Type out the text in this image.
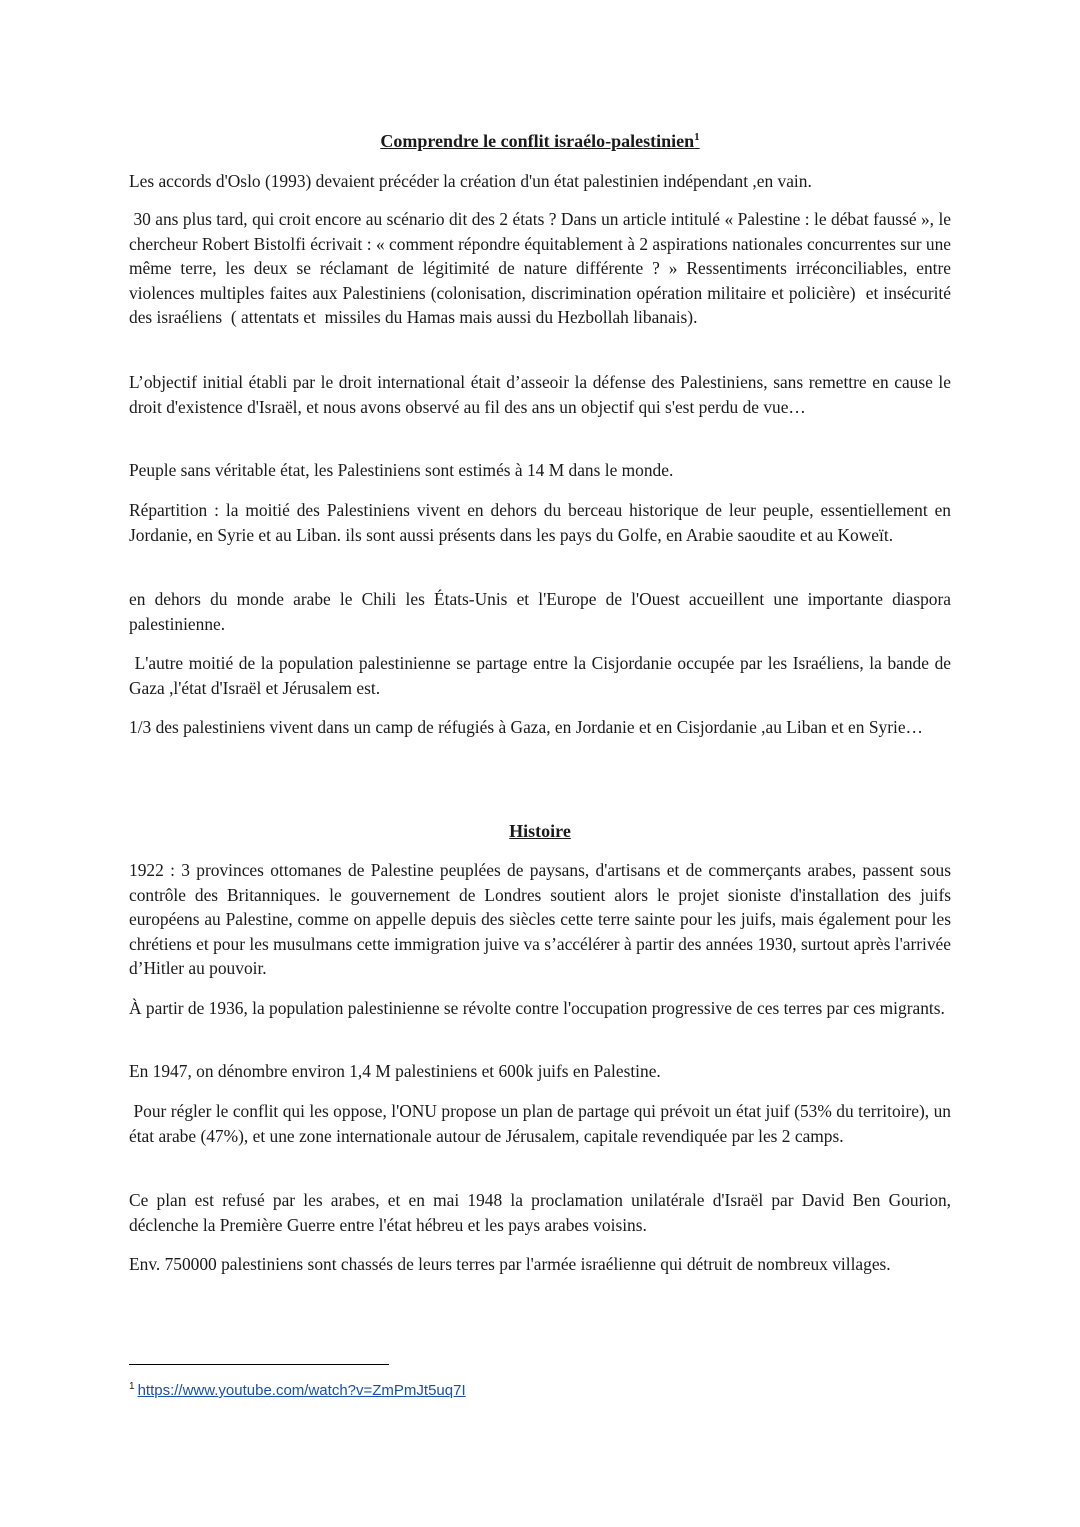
Comprendre le conflit israélo-palestinien$^1$

Les accords d'Oslo (1993) devaient précéder la création d'un état palestinien indépendant ,en vain.

30 ans plus tard, qui croit encore au scénario dit des 2 états ? Dans un article intitulé « Palestine : le débat faussé », le chercheur Robert Bistolfi écrivait : « comment répondre équitablement à 2 aspirations nationales concurrentes sur une même terre, les deux se réclamant de légitimité de nature différente ? » Ressentiments irréconciliables, entre violences multiples faites aux Palestiniens (colonisation, discrimination opération militaire et policière)  et insécurité des israéliens  ( attentats et  missiles du Hamas mais aussi du Hezbollah libanais).

L’objectif initial établi par le droit international était d’asseoir la défense des Palestiniens, sans remettre en cause le droit d'existence d'Israël, et nous avons observé au fil des ans un objectif qui s'est perdu de vue…

Peuple sans véritable état, les Palestiniens sont estimés à 14 M dans le monde.

Répartition : la moitié des Palestiniens vivent en dehors du berceau historique de leur peuple, essentiellement en Jordanie, en Syrie et au Liban. ils sont aussi présents dans les pays du Golfe, en Arabie saoudite et au Koweït.

en dehors du monde arabe le Chili les États-Unis et l'Europe de l'Ouest accueillent une importante diaspora palestinienne.

L'autre moitié de la population palestinienne se partage entre la Cisjordanie occupée par les Israéliens, la bande de Gaza ,l'état d'Israël et Jérusalem est.

1/3 des palestiniens vivent dans un camp de réfugiés à Gaza, en Jordanie et en Cisjordanie ,au Liban et en Syrie…

Histoire

1922 : 3 provinces ottomanes de Palestine peuplées de paysans, d'artisans et de commerçants arabes, passent sous contrôle des Britanniques. le gouvernement de Londres soutient alors le projet sioniste d'installation des juifs européens au Palestine, comme on appelle depuis des siècles cette terre sainte pour les juifs, mais également pour les chrétiens et pour les musulmans cette immigration juive va s’accélérer à partir des années 1930, surtout après l'arrivée d’Hitler au pouvoir.

À partir de 1936, la population palestinienne se révolte contre l'occupation progressive de ces terres par ces migrants.

En 1947, on dénombre environ 1,4 M palestiniens et 600k juifs en Palestine.

Pour régler le conflit qui les oppose, l'ONU propose un plan de partage qui prévoit un état juif (53% du territoire), un état arabe (47%), et une zone internationale autour de Jérusalem, capitale revendiquée par les 2 camps.

Ce plan est refusé par les arabes, et en mai 1948 la proclamation unilatérale d'Israël par David Ben Gourion, déclenche la Première Guerre entre l'état hébreu et les pays arabes voisins.

Env. 750000 palestiniens sont chassés de leurs terres par l'armée israélienne qui détruit de nombreux villages.

$^1$ https://www.youtube.com/watch?v=ZmPmJt5uq7I
